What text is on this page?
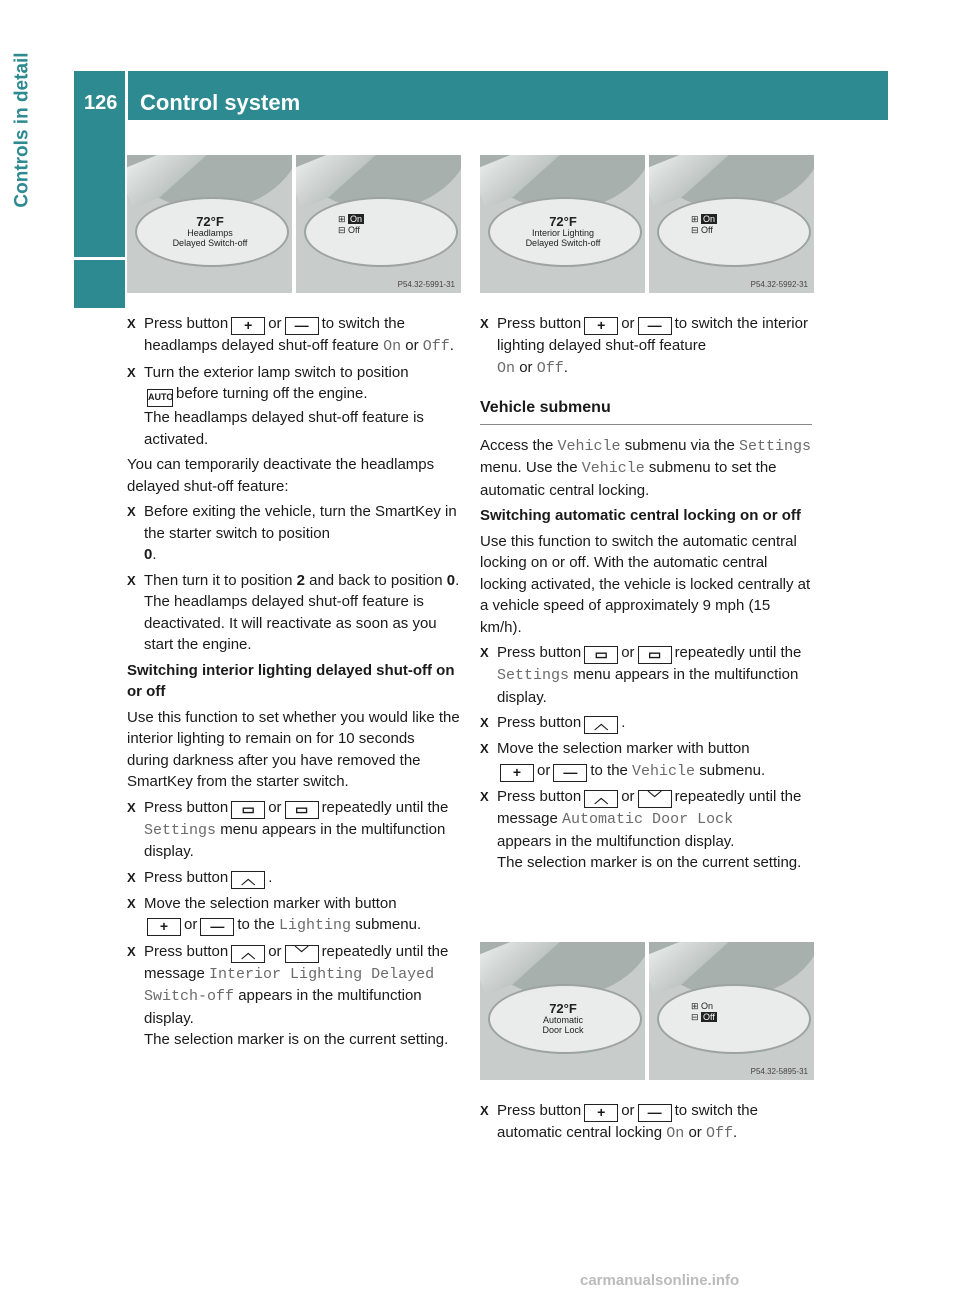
126 Control system
Controls in detail
72°F
Headlamps
Delayed Switch-off
⊞ On
⊟ Off
P54.32-5991-31
72°F
Interior Lighting
Delayed Switch-off
⊞ On
⊟ Off
P54.32-5992-31
X Press button + or — to switch the headlamps delayed shut-off feature On or Off.
X Turn the exterior lamp switch to position
AUTO before turning off the engine.
The headlamps delayed shut-off feature is activated.

You can temporarily deactivate the headlamps delayed shut-off feature:

X Before exiting the vehicle, turn the SmartKey in the starter switch to position
0.
X Then turn it to position 2 and back to position 0.
The headlamps delayed shut-off feature is deactivated. It will reactivate as soon as you start the engine.
Switching interior lighting delayed shut-off on or off

Use this function to set whether you would like the interior lighting to remain on for 10 seconds during darkness after you have removed the SmartKey from the starter switch.

X Press button ▭ or ▭ repeatedly until the Settings menu appears in the multifunction display.
X Press button ︿ .
X Move the selection marker with button
+ or — to the Lighting submenu.
X Press button ︿ or ﹀ repeatedly until the message Interior Lighting Delayed Switch-off appears in the multifunction display.
The selection marker is on the current setting.
X Press button + or — to switch the interior lighting delayed shut-off feature
On or Off.
Vehicle submenu

Access the Vehicle submenu via the Settings menu. Use the Vehicle submenu to set the automatic central locking.

Switching automatic central locking on or off

Use this function to switch the automatic central locking on or off. With the automatic central locking activated, the vehicle is locked centrally at a vehicle speed of approximately 9 mph (15 km/h).

X Press button ▭ or ▭ repeatedly until the Settings menu appears in the multifunction display.
X Press button ︿ .
X Move the selection marker with button
+ or — to the Vehicle submenu.
X Press button ︿ or ﹀ repeatedly until the message Automatic Door Lock
appears in the multifunction display.
The selection marker is on the current setting.
72°F
Automatic
Door Lock
⊞ On
⊟ Off
P54.32-5895-31
X Press button + or — to switch the automatic central locking On or Off.
carmanualsonline.info
